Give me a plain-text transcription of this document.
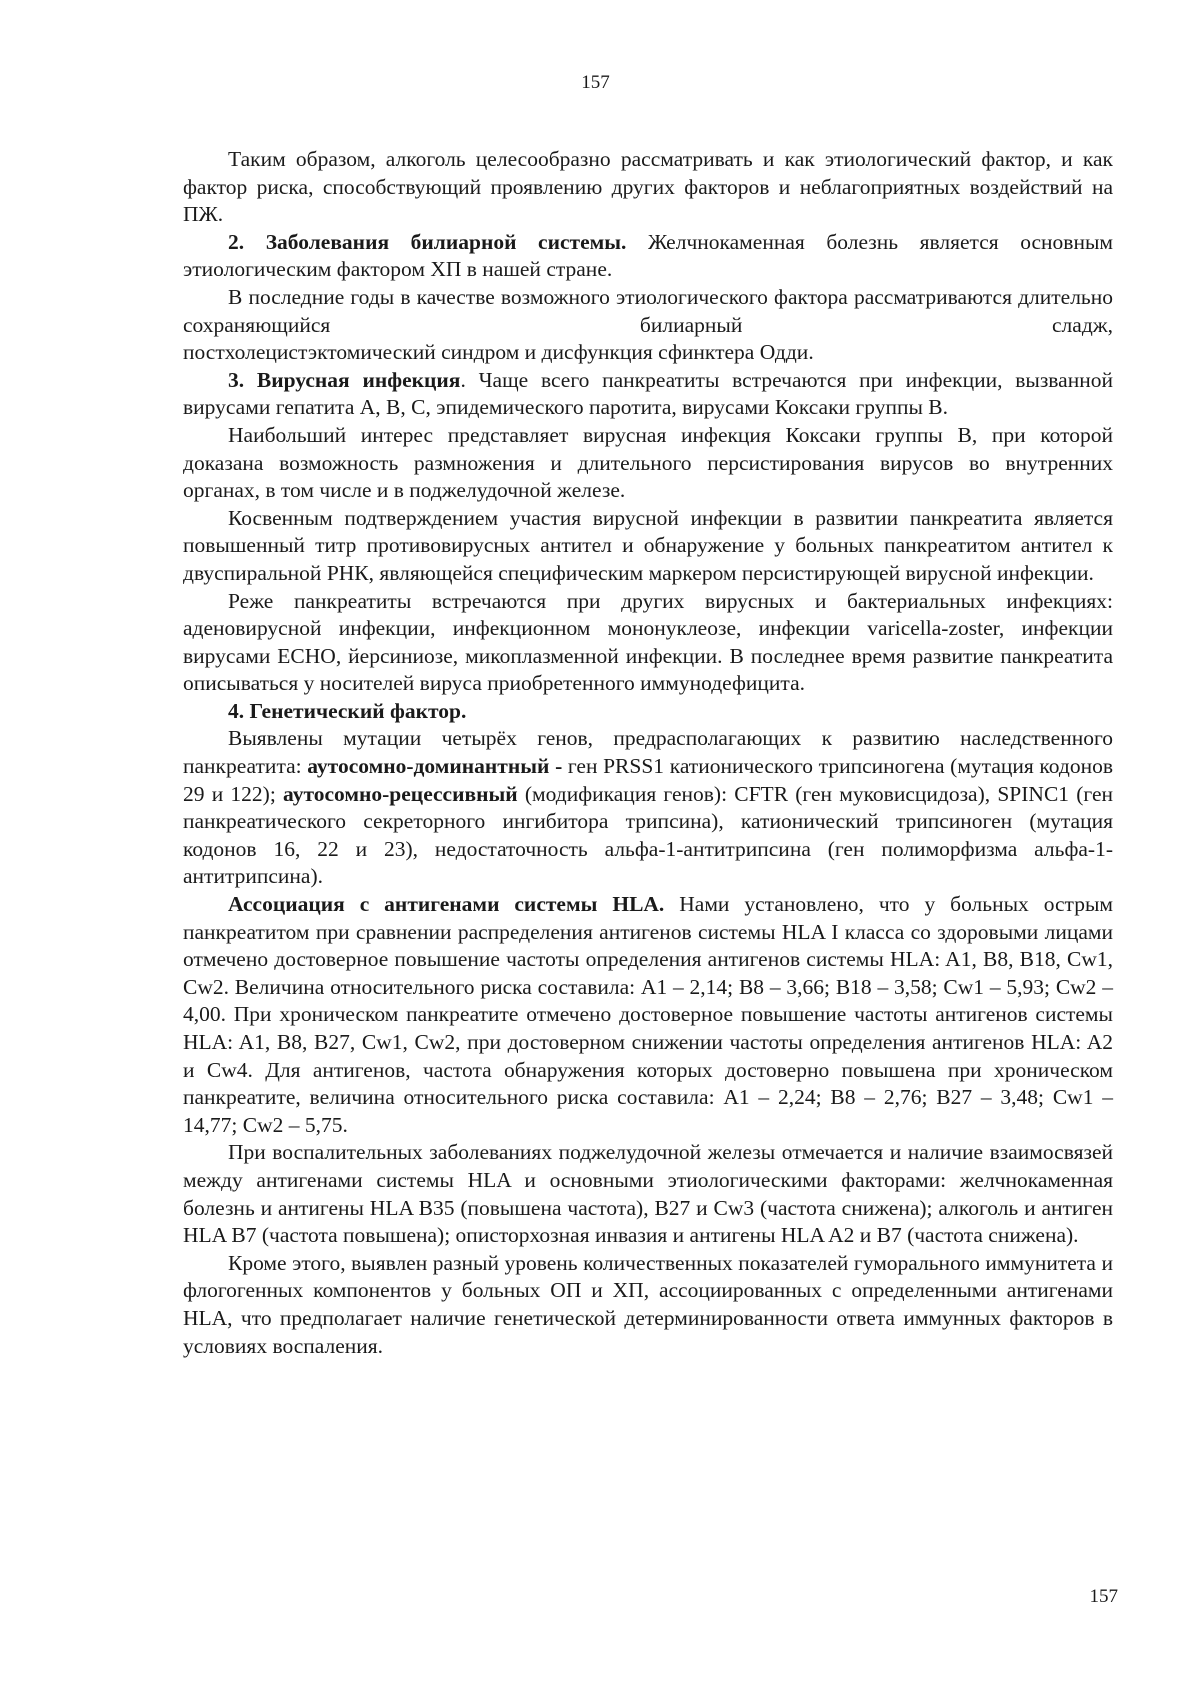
157

Таким образом, алкоголь целесообразно рассматривать и как этиологический фактор, и как фактор риска, способствующий проявлению других факторов и неблагоприятных воздействий на ПЖ.

2. Заболевания билиарной системы. Желчнокаменная болезнь является основным этиологическим фактором ХП в нашей стране.

В последние годы в качестве возможного этиологического фактора рассматриваются длительно сохраняющийся билиарный сладж,

постхолецистэктомический синдром и дисфункция сфинктера Одди.

3. Вирусная инфекция. Чаще всего панкреатиты встречаются при инфекции, вызванной вирусами гепатита А, В, С, эпидемического паротита, вирусами Коксаки группы В.

Наибольший интерес представляет вирусная инфекция Коксаки группы В, при которой доказана возможность размножения и длительного персистирования вирусов во внутренних органах, в том числе и в поджелудочной железе.

Косвенным подтверждением участия вирусной инфекции в развитии панкреатита является повышенный титр противовирусных антител и обнаружение у больных панкреатитом антител к двуспиральной РНК, являющейся специфическим маркером персистирующей вирусной инфекции.

Реже панкреатиты встречаются при других вирусных и бактериальных инфекциях: аденовирусной инфекции, инфекционном мононуклеозе, инфекции varicella-zoster, инфекции вирусами ЕСНО, йерсиниозе, микоплазменной инфекции. В последнее время развитие панкреатита описываться у носителей вируса приобретенного иммунодефицита.

4. Генетический фактор.

Выявлены мутации четырёх генов, предрасполагающих к развитию наследственного панкреатита: аутосомно-доминантный - ген PRSS1 катионического трипсиногена (мутация кодонов 29 и 122); аутосомно-рецессивный (модификация генов): CFTR (ген муковисцидоза), SPINC1 (ген панкреатического секреторного ингибитора трипсина), катионический трипсиноген (мутация кодонов 16, 22 и 23), недостаточность альфа-1-антитрипсина (ген полиморфизма альфа-1-антитрипсина).

Ассоциация с антигенами системы HLA. Нами установлено, что у больных острым панкреатитом при сравнении распределения антигенов системы HLA I класса со здоровыми лицами отмечено достоверное повышение частоты определения антигенов системы HLA: A1, B8, B18, Cw1, Cw2. Величина относительного риска составила: A1 – 2,14; B8 – 3,66; B18 – 3,58; Cw1 – 5,93; Cw2 – 4,00. При хроническом панкреатите отмечено достоверное повышение частоты антигенов системы HLA: A1, B8, B27, Cw1, Cw2, при достоверном снижении частоты определения антигенов HLA: A2 и Cw4. Для антигенов, частота обнаружения которых достоверно повышена при хроническом панкреатите, величина относительного риска составила: A1 – 2,24; B8 – 2,76; B27 – 3,48; Cw1 – 14,77; Cw2 – 5,75.

При воспалительных заболеваниях поджелудочной железы отмечается и наличие взаимосвязей между антигенами системы HLA и основными этиологическими факторами: желчнокаменная болезнь и антигены HLA B35 (повышена частота), B27 и Cw3 (частота снижена); алкоголь и антиген HLA B7 (частота повышена); описторхозная инвазия и антигены HLA A2 и B7 (частота снижена).

Кроме этого, выявлен разный уровень количественных показателей гуморального иммунитета и флогогенных компонентов у больных ОП и ХП, ассоциированных с определенными антигенами HLA, что предполагает наличие генетической детерминированности ответа иммунных факторов в условиях воспаления.

157
